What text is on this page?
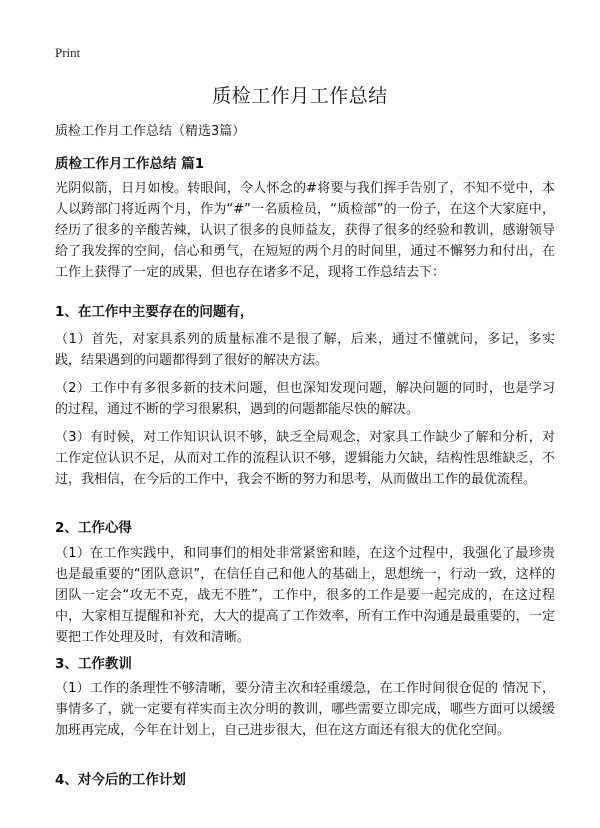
Print
质检工作月工作总结
质检工作月工作总结（精选3篇）
质检工作月工作总结 篇1

光阴似箭，日月如梭。转眼间，令人怀念的#将要与我们挥手告别了，不知不觉中，本人以跨部门将近两个月，作为“#”一名质检员，“质检部”的一份子，在这个大家庭中，经历了很多的辛酸苦辣，认识了很多的良师益友，获得了很多的经验和教训，感谢领导给了我发挥的空间，信心和勇气，在短短的两个月的时间里，通过不懈努力和付出，在工作上获得了一定的成果，但也存在诸多不足，现将工作总结去下：

1、在工作中主要存在的问题有，

（1）首先，对家具系列的质量标准不是很了解，后来，通过不懂就问，多记，多实践，结果遇到的问题都得到了很好的解决方法。

（2）工作中有多很多新的技术问题，但也深知发现问题，解决问题的同时，也是学习的过程，通过不断的学习很累积，遇到的问题都能尽快的解决。

（3）有时候，对工作知识认识不够，缺乏全局观念，对家具工作缺少了解和分析，对工作定位认识不足，从而对工作的流程认识不够，逻辑能力欠缺，结构性思维缺乏，不过，我相信，在今后的工作中，我会不断的努力和思考，从而做出工作的最优流程。

2、工作心得

（1）在工作实践中，和同事们的相处非常紧密和睦，在这个过程中，我强化了最珍贵也是最重要的“团队意识”，在信任自己和他人的基础上，思想统一，行动一致，这样的团队一定会“攻无不克，战无不胜”，工作中，很多的工作是要一起完成的，在这过程中，大家相互提醒和补充，大大的提高了工作效率，所有工作中沟通是最重要的，一定要把工作处理及时，有效和清晰。

3、工作教训

（1）工作的条理性不够清晰，要分清主次和轻重缓急，在工作时间很仓促的 情况下，事情多了，就一定要有祥实而主次分明的教训，哪些需要立即完成，哪些方面可以缓缓加班再完成，今年在计划上，自己进步很大，但在这方面还有很大的优化空间。

4、对今后的工作计划
